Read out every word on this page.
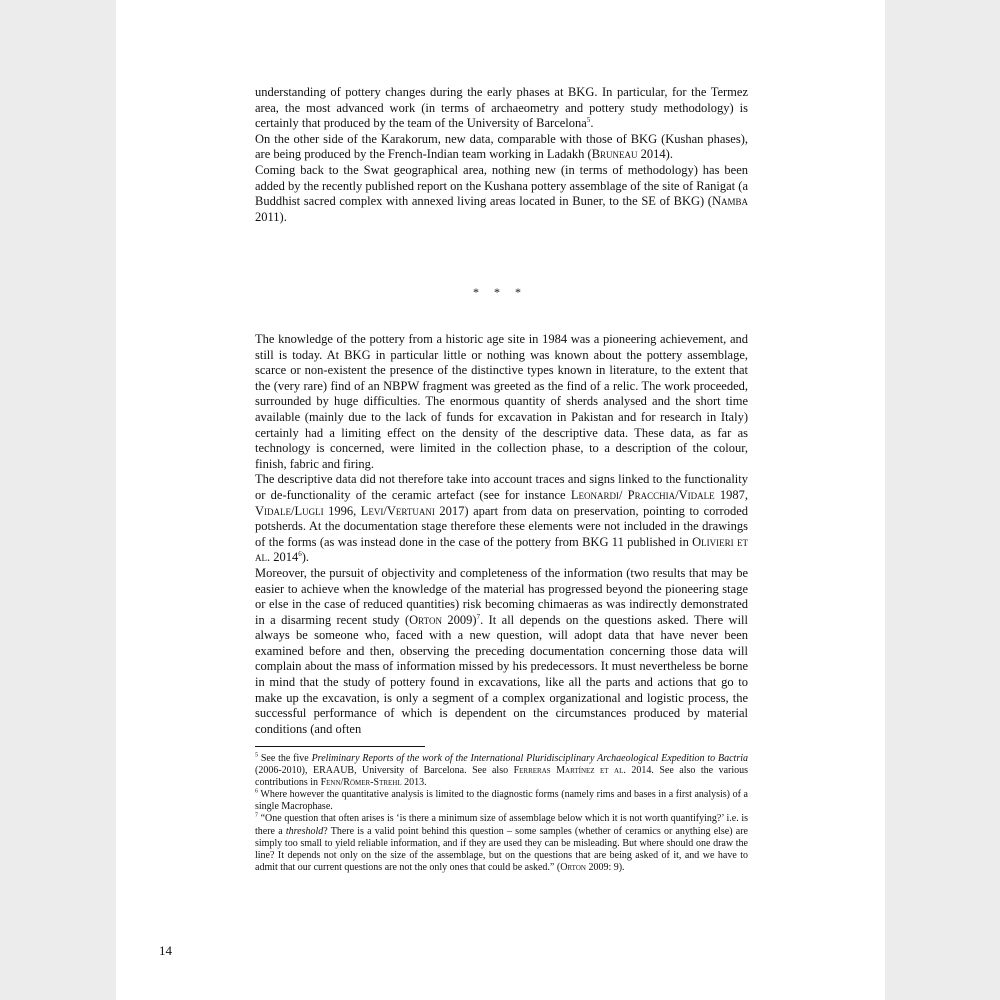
understanding of pottery changes during the early phases at BKG. In particular, for the Termez area, the most advanced work (in terms of archaeometry and pottery study methodology) is certainly that produced by the team of the University of Barcelona$^5$.

On the other side of the Karakorum, new data, comparable with those of BKG (Kushan phases), are being produced by the French-Indian team working in Ladakh (Bruneau 2014).

Coming back to the Swat geographical area, nothing new (in terms of methodology) has been added by the recently published report on the Kushana pottery assemblage of the site of Ranigat (a Buddhist sacred complex with annexed living areas located in Buner, to the SE of BKG) (Namba 2011).

* * *

The knowledge of the pottery from a historic age site in 1984 was a pioneering achievement, and still is today. At BKG in particular little or nothing was known about the pottery assemblage, scarce or non-existent the presence of the distinctive types known in literature, to the extent that the (very rare) find of an NBPW fragment was greeted as the find of a relic. The work proceeded, surrounded by huge difficulties. The enormous quantity of sherds analysed and the short time available (mainly due to the lack of funds for excavation in Pakistan and for research in Italy) certainly had a limiting effect on the density of the descriptive data. These data, as far as technology is concerned, were limited in the collection phase, to a description of the colour, finish, fabric and firing.

The descriptive data did not therefore take into account traces and signs linked to the functionality or de-functionality of the ceramic artefact (see for instance Leonardi/ Pracchia/Vidale 1987, Vidale/Lugli 1996, Levi/Vertuani 2017) apart from data on preservation, pointing to corroded potsherds. At the documentation stage therefore these elements were not included in the drawings of the forms (as was instead done in the case of the pottery from BKG 11 published in Olivieri et al. 2014$^6$).

Moreover, the pursuit of objectivity and completeness of the information (two results that may be easier to achieve when the knowledge of the material has progressed beyond the pioneering stage or else in the case of reduced quantities) risk becoming chimaeras as was indirectly demonstrated in a disarming recent study (Orton 2009)$^7$. It all depends on the questions asked. There will always be someone who, faced with a new question, will adopt data that have never been examined before and then, observing the preceding documentation concerning those data will complain about the mass of information missed by his predecessors. It must nevertheless be borne in mind that the study of pottery found in excavations, like all the parts and actions that go to make up the excavation, is only a segment of a complex organizational and logistic process, the successful performance of which is dependent on the circumstances produced by material conditions (and often

$^5$ See the five Preliminary Reports of the work of the International Pluridisciplinary Archaeological Expedition to Bactria (2006-2010), ERAAUB, University of Barcelona. See also Ferreras Martínez et al. 2014. See also the various contributions in Fenn/Römer-Strehl 2013.

$^6$ Where however the quantitative analysis is limited to the diagnostic forms (namely rims and bases in a first analysis) of a single Macrophase.

$^7$ “One question that often arises is ‘is there a minimum size of assemblage below which it is not worth quantifying?’ i.e. is there a threshold? There is a valid point behind this question – some samples (whether of ceramics or anything else) are simply too small to yield reliable information, and if they are used they can be misleading. But where should one draw the line? It depends not only on the size of the assemblage, but on the questions that are being asked of it, and we have to admit that our current questions are not the only ones that could be asked.” (Orton 2009: 9).

14
